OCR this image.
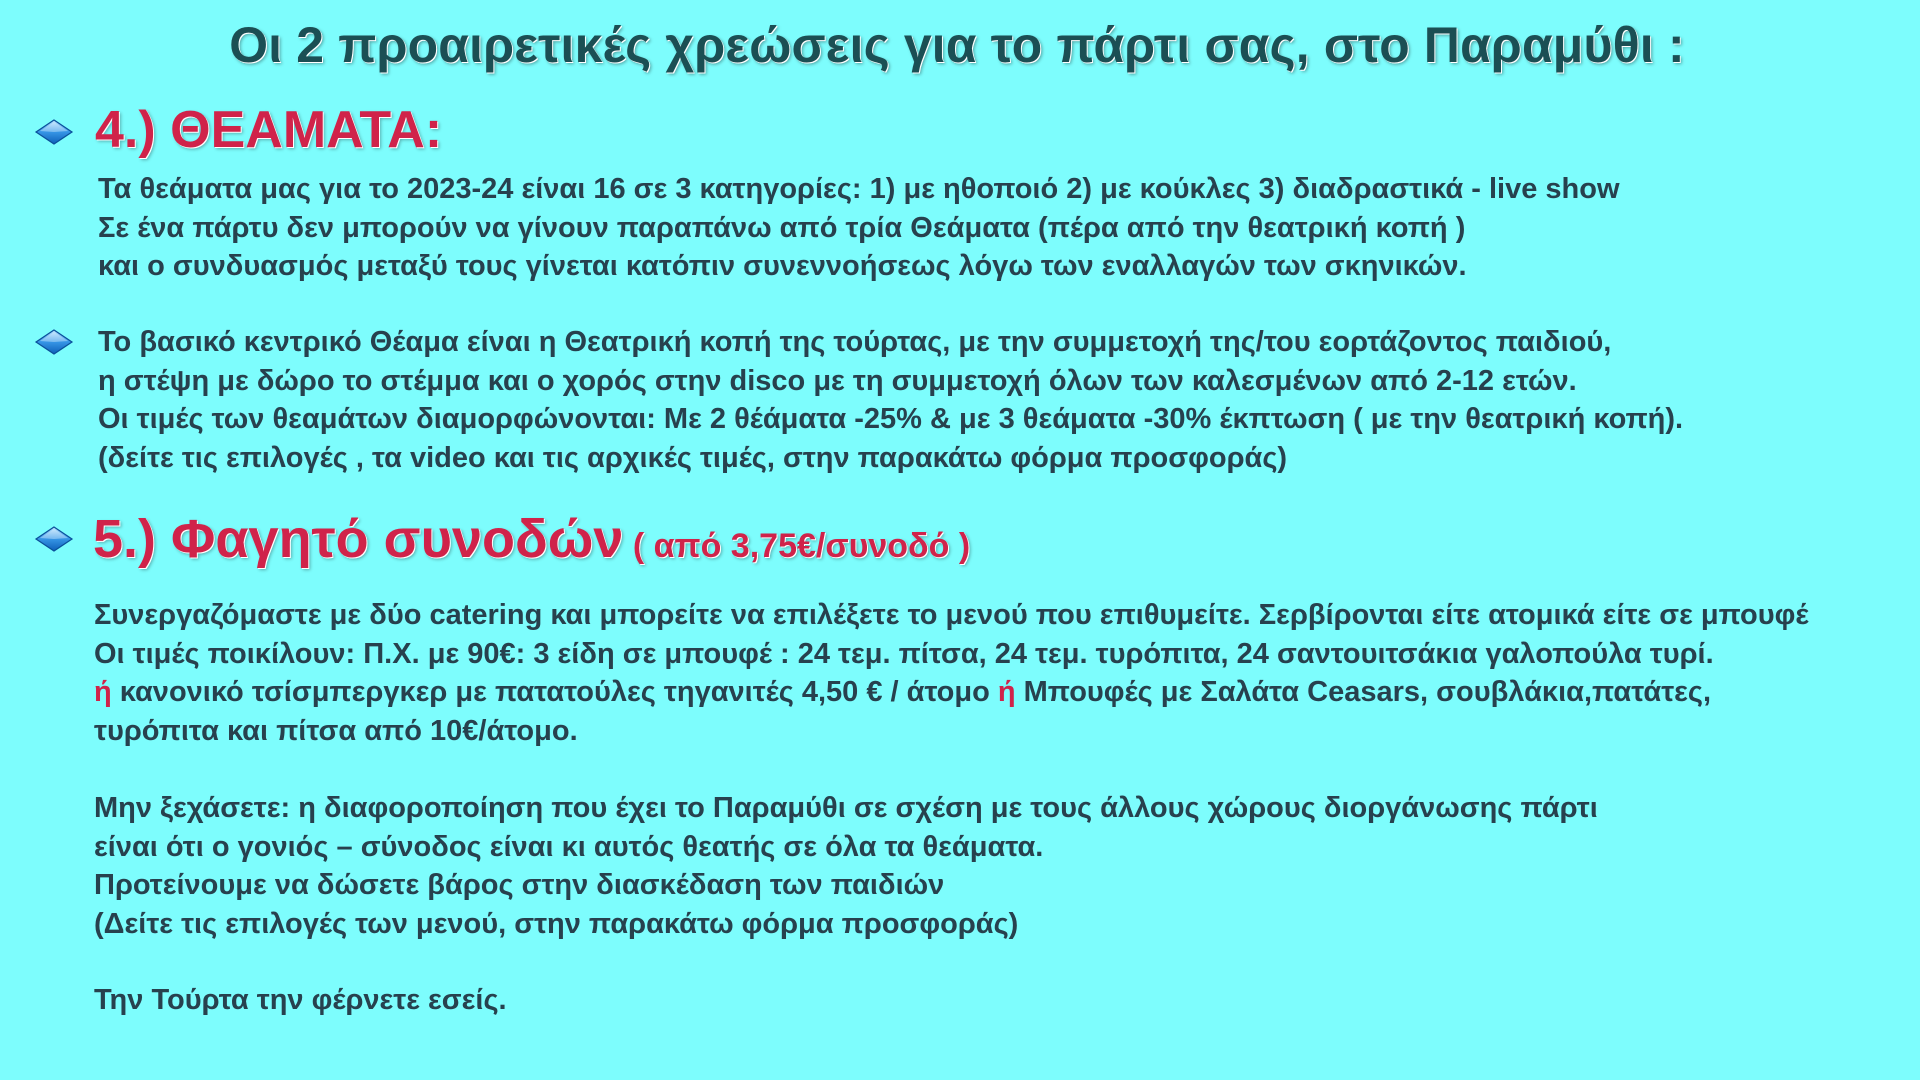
Οι 2 προαιρετικές χρεώσεις για το πάρτι σας, στο Παραμύθι :
4.) ΘΕΑΜΑΤΑ:
Τα θεάματα μας για το 2023-24 είναι 16 σε 3 κατηγορίες: 1) με ηθοποιό 2) με κούκλες 3) διαδραστικά - live show
Σε ένα πάρτυ δεν μπορούν να γίνουν παραπάνω από τρία Θεάματα (πέρα από την θεατρική κοπή )
και ο συνδυασμός μεταξύ τους γίνεται κατόπιν συνεννοήσεως λόγω των εναλλαγών των σκηνικών.
Το βασικό κεντρικό Θέαμα είναι η Θεατρική κοπή της τούρτας, με την συμμετοχή της/του εορτάζοντος παιδιού,
η στέψη με δώρο το στέμμα και ο χορός στην disco με τη συμμετοχή όλων των καλεσμένων από 2-12 ετών.
Οι τιμές των θεαμάτων διαμορφώνονται: Με 2 θέάματα -25% & με 3 θεάματα -30% έκπτωση ( με την θεατρική κοπή).
(δείτε τις επιλογές , τα video και τις αρχικές τιμές, στην παρακάτω φόρμα προσφοράς)
5.) Φαγητό συνοδών ( από 3,75€/συνοδό )
Συνεργαζόμαστε με δύο catering και μπορείτε να επιλέξετε το μενού που επιθυμείτε. Σερβίρονται είτε ατομικά είτε σε μπουφέ
Οι τιμές ποικίλουν: Π.Χ. με 90€: 3 είδη σε μπουφέ : 24 τεμ. πίτσα, 24 τεμ. τυρόπιτα, 24 σαντουιτσάκια γαλοπούλα τυρί.
ή κανονικό τσίσμπεργκερ με πατατούλες τηγανιτές 4,50 € / άτομο ή Μπουφές με Σαλάτα Ceasars, σουβλάκια,πατάτες,
τυρόπιτα και πίτσα από 10€/άτομο.
Μην ξεχάσετε: η διαφοροποίηση που έχει το Παραμύθι σε σχέση με τους άλλους χώρους διοργάνωσης πάρτι
είναι ότι ο γονιός – σύνοδος είναι κι αυτός θεατής σε όλα τα θεάματα.
Προτείνουμε να δώσετε βάρος στην διασκέδαση των παιδιών
(Δείτε τις επιλογές των μενού, στην παρακάτω φόρμα προσφοράς)
Την Τούρτα την φέρνετε εσείς.
